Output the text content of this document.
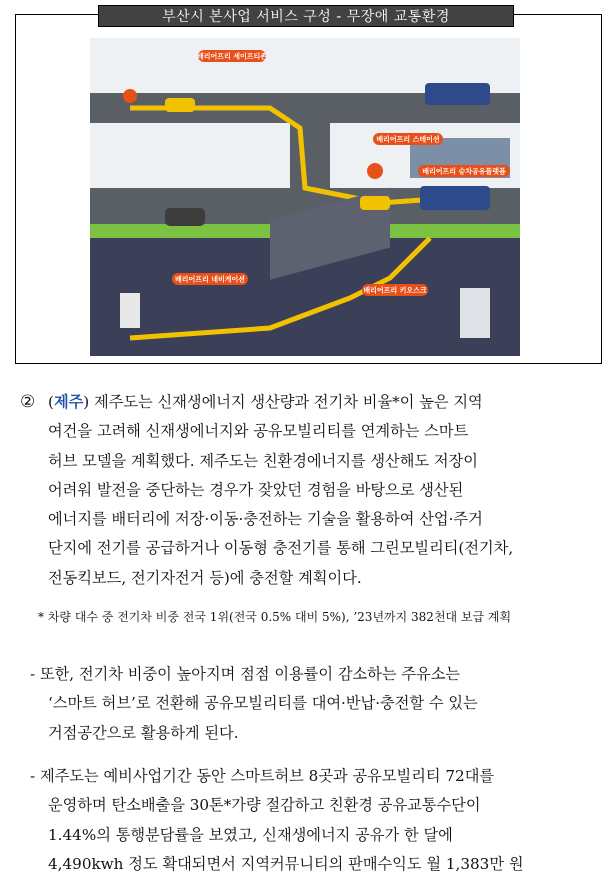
부산시 본사업 서비스 구성 - 무장애 교통환경
배리어프리 세이프티존
배리어프리 스테이션
배리어프리 승차공유플랫폼
배리어프리 네비게이션
배리어프리 키오스크
② (제주) 제주도는 신재생에너지 생산량과 전기차 비율*이 높은 지역
여건을 고려해 신재생에너지와 공유모빌리티를 연계하는 스마트
허브 모델을 계획했다. 제주도는 친환경에너지를 생산해도 저장이
어려워 발전을 중단하는 경우가 잦았던 경험을 바탕으로 생산된
에너지를 배터리에 저장·이동·충전하는 기술을 활용하여 산업·주거
단지에 전기를 공급하거나 이동형 충전기를 통해 그린모빌리티(전기차,
전동킥보드, 전기자전거 등)에 충전할 계획이다.
* 차량 대수 중 전기차 비중 전국 1위(전국 0.5% 대비 5%), ’23년까지 382천대 보급 계획
- 또한, 전기차 비중이 높아지며 점점 이용률이 감소하는 주유소는
‘스마트 허브’로 전환해 공유모빌리티를 대여·반납·충전할 수 있는
거점공간으로 활용하게 된다.
- 제주도는 예비사업기간 동안 스마트허브 8곳과 공유모빌리티 72대를
운영하며 탄소배출을 30톤*가량 절감하고 친환경 공유교통수단이
1.44%의 통행분담률을 보였고, 신재생에너지 공유가 한 달에
4,490kwh 정도 확대되면서 지역커뮤니티의 판매수익도 월 1,383만 원
